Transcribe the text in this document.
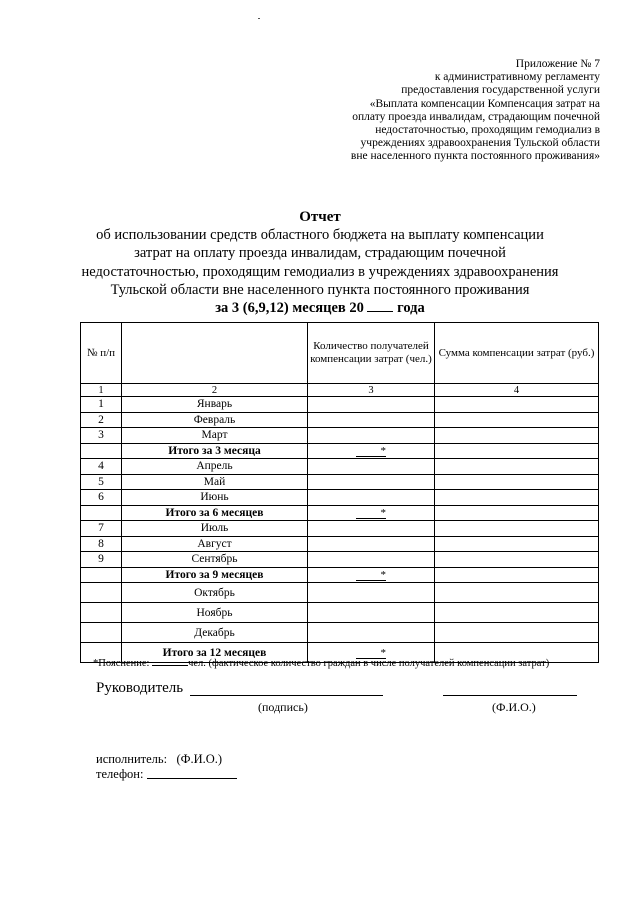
Приложение № 7
к административному регламенту
предоставления государственной услуги
«Выплата компенсации Компенсация затрат на
оплату проезда инвалидам, страдающим почечной
недостаточностью, проходящим гемодиализ в
учреждениях здравоохранения Тульской области
вне населенного пункта постоянного проживания»
Отчет
об использовании средств областного бюджета на выплату компенсации
затрат на оплату проезда инвалидам, страдающим почечной
недостаточностью, проходящим гемодиализ в учреждениях здравоохранения
Тульской области вне населенного пункта постоянного проживания
за 3 (6,9,12) месяцев 20 года
№ п/п		Количество получателей компенсации затрат (чел.)	Сумма компенсации затрат (руб.)
1	2	3	4
1	Январь		
2	Февраль		
3	Март		
	Итого за 3 месяца	*	
4	Апрель		
5	Май		
6	Июнь		
	Итого за 6 месяцев	*	
7	Июль		
8	Август		
9	Сентябрь		
	Итого за 9 месяцев	*	
	Октябрь		
	Ноябрь		
	Декабрь		
	Итого за 12 месяцев	*	
*Пояснение:	чел. (фактическое количество граждан в числе получателей компенсации затрат)
Руководитель
(подпись)	(Ф.И.О.)
исполнитель: (Ф.И.О.)
телефон:
